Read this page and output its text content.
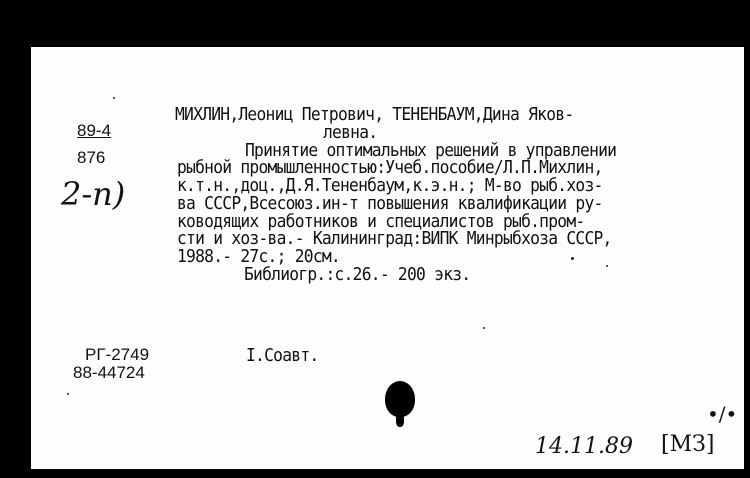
89-4
876
2-п)
МИХЛИН,Леониц Петрович, ТЕНЕНБАУМ,Дина Яков-
левна.
Принятие оптимальных решений в управлении
рыбной промышленностью:Учеб.пособие/Л.П.Михлин,
к.т.н.,доц.,Д.Я.Тененбаум,к.э.н.; М-во рыб.хоз-
ва СССР,Всесоюз.ин-т повышения квалификации ру-
ководящих работников и специалистов рыб.пром-
сти и хоз-ва.- Калининград:ВИПК Минрыбхоза СССР,
1988.- 27с.; 20см.
Библиогр.:с.26.- 200 экз.
РГ-2749
88-44724
I.Соавт.
•/•
14.11.89 [МЗ]
